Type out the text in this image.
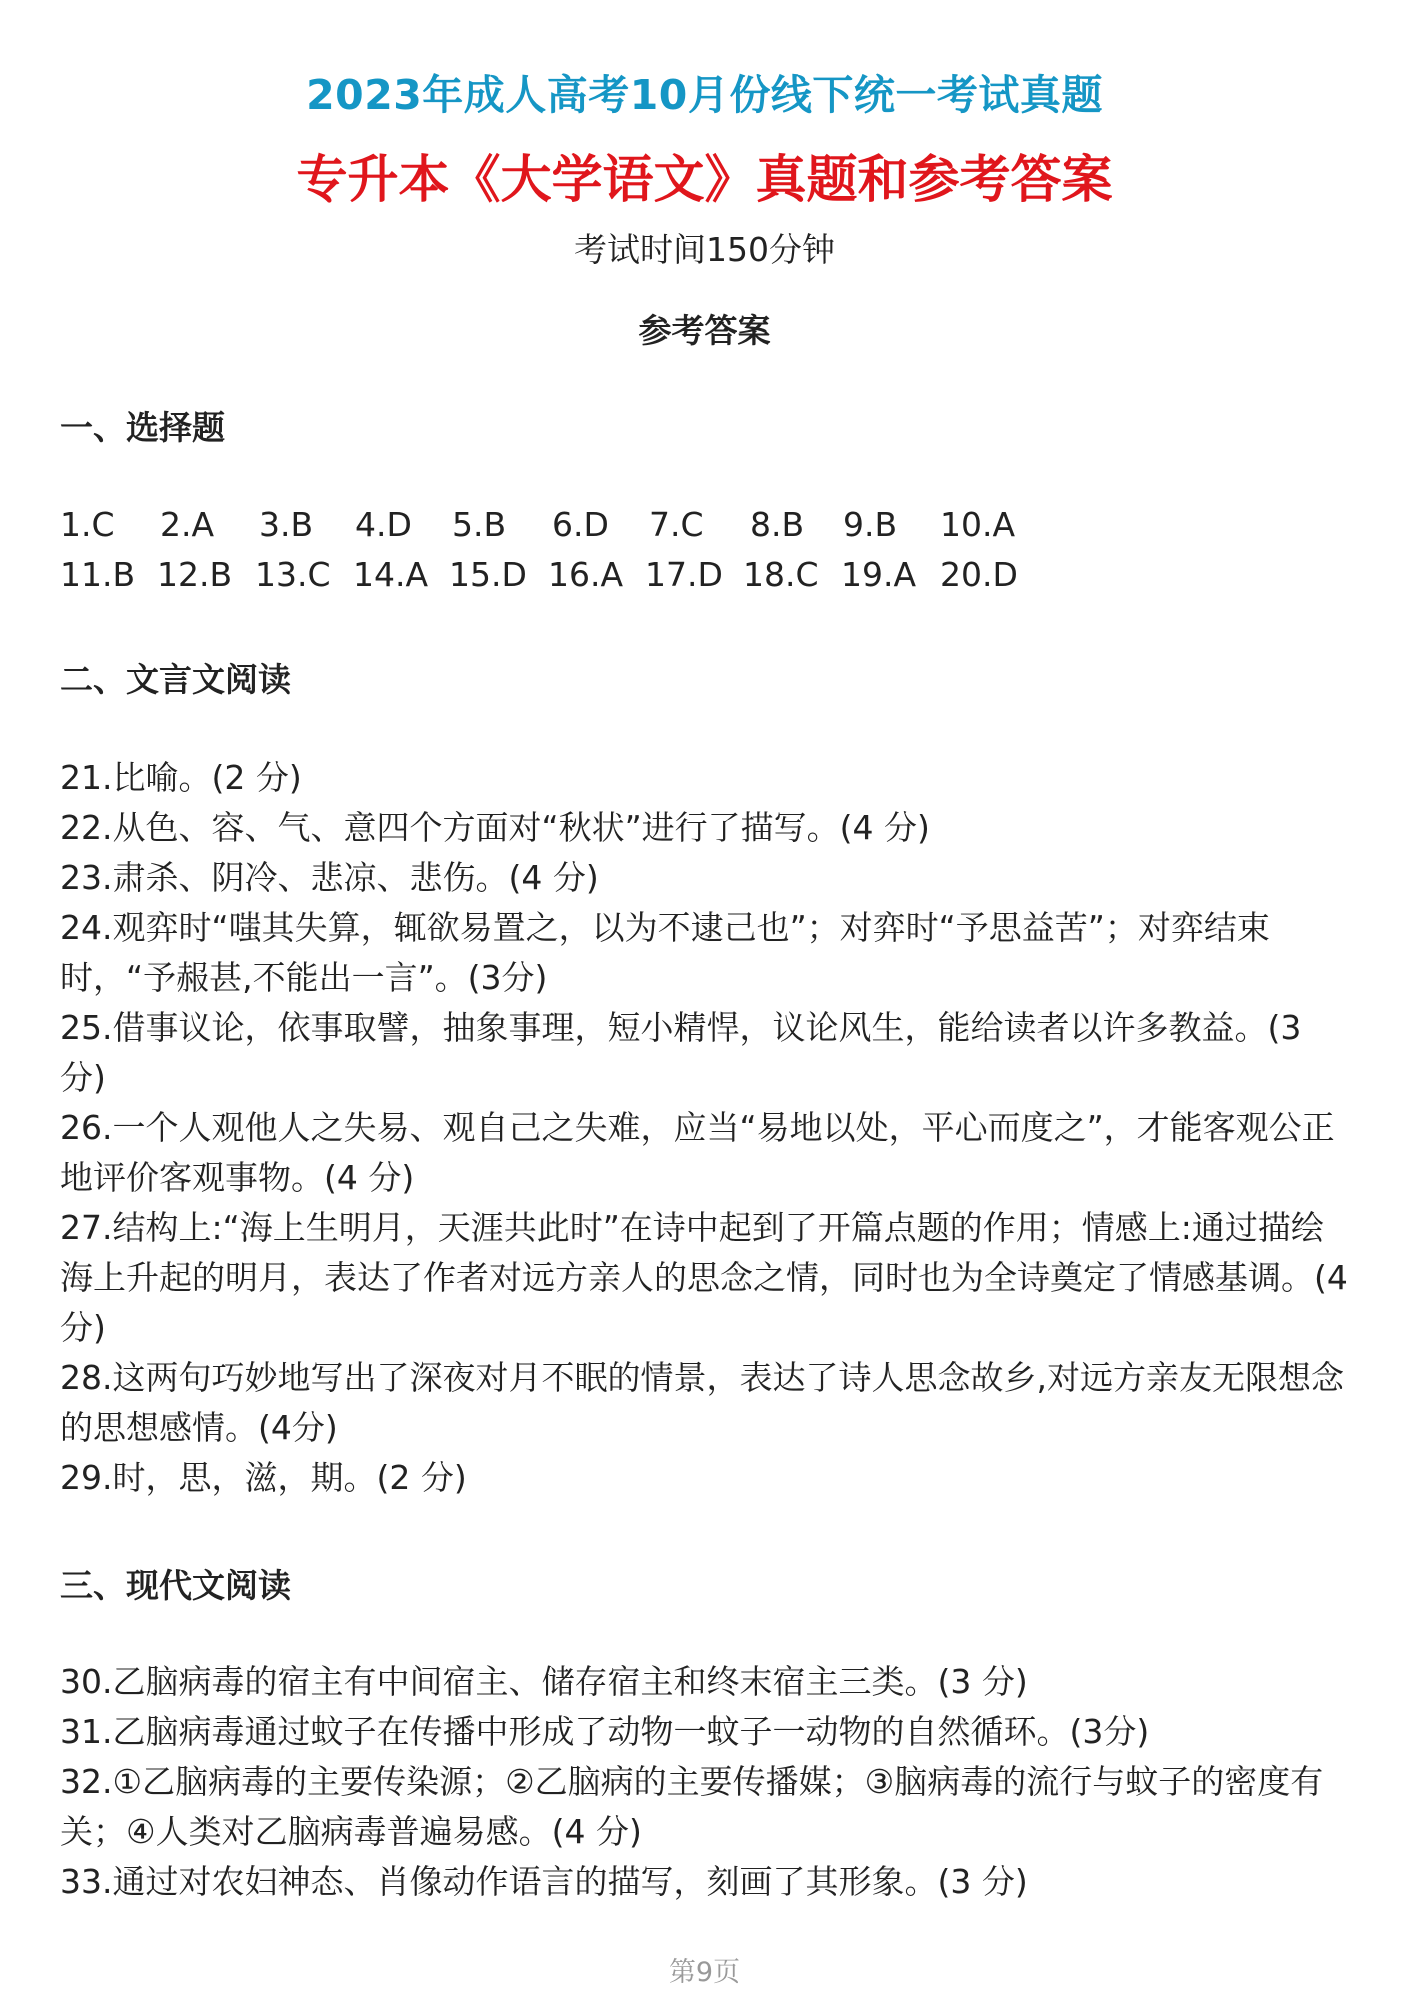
2023年成人高考10月份线下统一考试真题
专升本《大学语文》真题和参考答案
考试时间150分钟
参考答案
一、选择题
1.C 2.A 3.B 4.D 5.B 6.D 7.C 8.B 9.B 10.A
11.B 12.B 13.C 14.A 15.D 16.A 17.D 18.C 19.A 20.D
二、文言文阅读

21.比喻。(2 分)

22.从色、容、气、意四个方面对“秋状”进行了描写。(4 分)

23.肃杀、阴冷、悲凉、悲伤。(4 分)

24.观弈时“嗤其失算，辄欲易置之，以为不逮己也”；对弈时“予思益苦”；对弈结束时，“予赧甚,不能出一言”。(3分)

25.借事议论，依事取譬，抽象事理，短小精悍，议论风生，能给读者以许多教益。(3 分)

26.一个人观他人之失易、观自己之失难，应当“易地以处，平心而度之”，才能客观公正地评价客观事物。(4 分)

27.结构上:“海上生明月，天涯共此时”在诗中起到了开篇点题的作用；情感上:通过描绘海上升起的明月，表达了作者对远方亲人的思念之情，同时也为全诗奠定了情感基调。(4 分)

28.这两句巧妙地写出了深夜对月不眠的情景，表达了诗人思念故乡,对远方亲友无限想念的思想感情。(4分)

29.时，思，滋，期。(2 分)

三、现代文阅读

30.乙脑病毒的宿主有中间宿主、储存宿主和终末宿主三类。(3 分)

31.乙脑病毒通过蚊子在传播中形成了动物一蚊子一动物的自然循环。(3分)

32.①乙脑病毒的主要传染源；②乙脑病的主要传播媒；③脑病毒的流行与蚊子的密度有关；④人类对乙脑病毒普遍易感。(4 分)

33.通过对农妇神态、肖像动作语言的描写，刻画了其形象。(3 分)

第9页
